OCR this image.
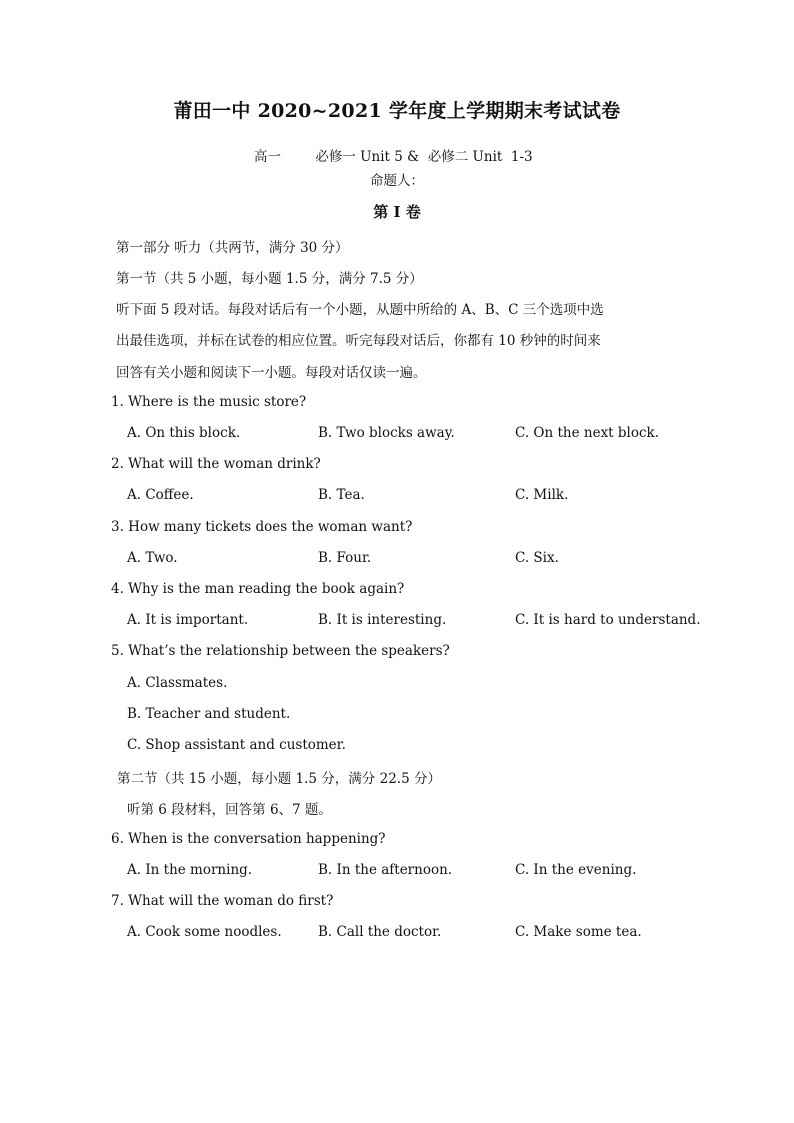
莆田一中 2020~2021 学年度上学期期末考试试卷
高一        必修一 Unit 5 &  必修二 Unit  1-3
命题人：
第 I 卷
第一部分 听力（共两节，满分 30 分）
第一节（共 5 小题，每小题 1.5 分，满分 7.5 分）
听下面 5 段对话。每段对话后有一个小题，从题中所给的 A、B、C 三个选项中选
出最佳选项，并标在试卷的相应位置。听完每段对话后，你都有 10 秒钟的时间来
回答有关小题和阅读下一小题。每段对话仅读一遍。
1. Where is the music store?
A. On this block.	B. Two blocks away.	C. On the next block.
2. What will the woman drink?
A. Coffee.	B. Tea.	C. Milk.
3. How many tickets does the woman want?
A. Two.	B. Four.	C. Six.
4. Why is the man reading the book again?
A. It is important.	B. It is interesting.	C. It is hard to understand.
5. What’s the relationship between the speakers?
A. Classmates.
B. Teacher and student.
C. Shop assistant and customer.
第二节（共 15 小题，每小题 1.5 分，满分 22.5 分）
听第 6 段材料，回答第 6、7 题。
6. When is the conversation happening?
A. In the morning.	B. In the afternoon.	C. In the evening.
7. What will the woman do first?
A. Cook some noodles.	B. Call the doctor.	C. Make some tea.
